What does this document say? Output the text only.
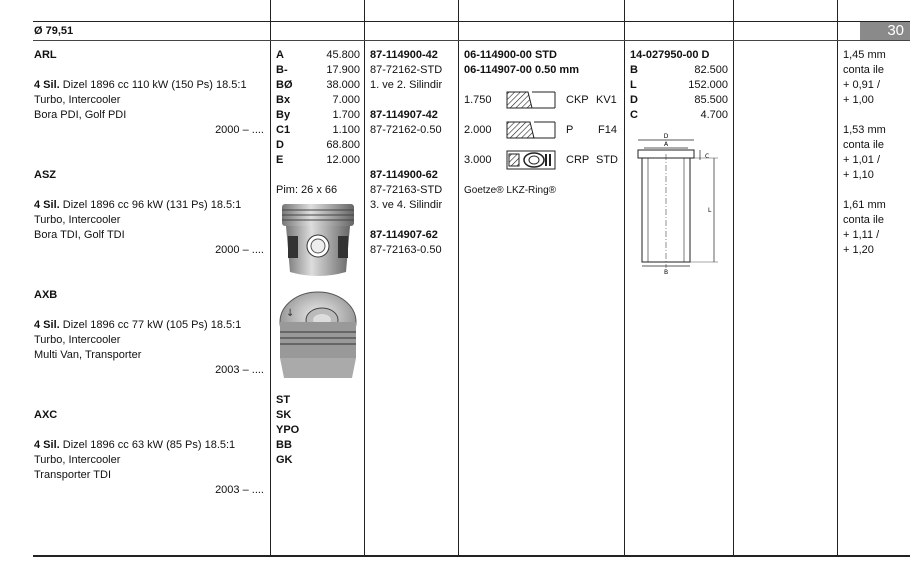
Ø 79,51	30
ARL
4 Sil. Dizel 1896 cc 110 kW (150 Ps) 18.5:1
Turbo, Intercooler
Bora PDI, Golf PDI
2000 – ....
ASZ
4 Sil. Dizel 1896 cc 96 kW (131 Ps) 18.5:1
Turbo, Intercooler
Bora TDI, Golf TDI
2000 – ....
AXB
4 Sil. Dizel 1896 cc 77 kW (105 Ps) 18.5:1
Turbo, Intercooler
Multi Van, Transporter
2003 – ....
AXC
4 Sil. Dizel 1896 cc 63 kW (85 Ps) 18.5:1
Turbo, Intercooler
Transporter TDI
2003 – ....
A	45.800
B-	17.900
BØ	38.000
Bx	7.000
By	1.700
C1	1.100
D	68.800
E	12.000
Pim: 26 x 66
↓
ST
SK
YPO
BB
GK
87-114900-42
87-72162-STD
1. ve 2. Silindir
87-114907-42
87-72162-0.50
87-114900-62
87-72163-STD
3. ve 4. Silindir
87-114907-62
87-72163-0.50
06-114900-00 STD
06-114907-00 0.50 mm
1.750	CKP KV1
2.000	P F14
3.000	CRP STD
Goetze® LKZ-Ring®
14-027950-00 D
B	82.500
L	152.000
D	85.500
C	4.700
D
A
B
C
L
1,45 mm
conta ile
+ 0,91 /
+ 1,00
1,53 mm
conta ile
+ 1,01 /
+ 1,10
1,61 mm
conta ile
+ 1,11 /
+ 1,20
